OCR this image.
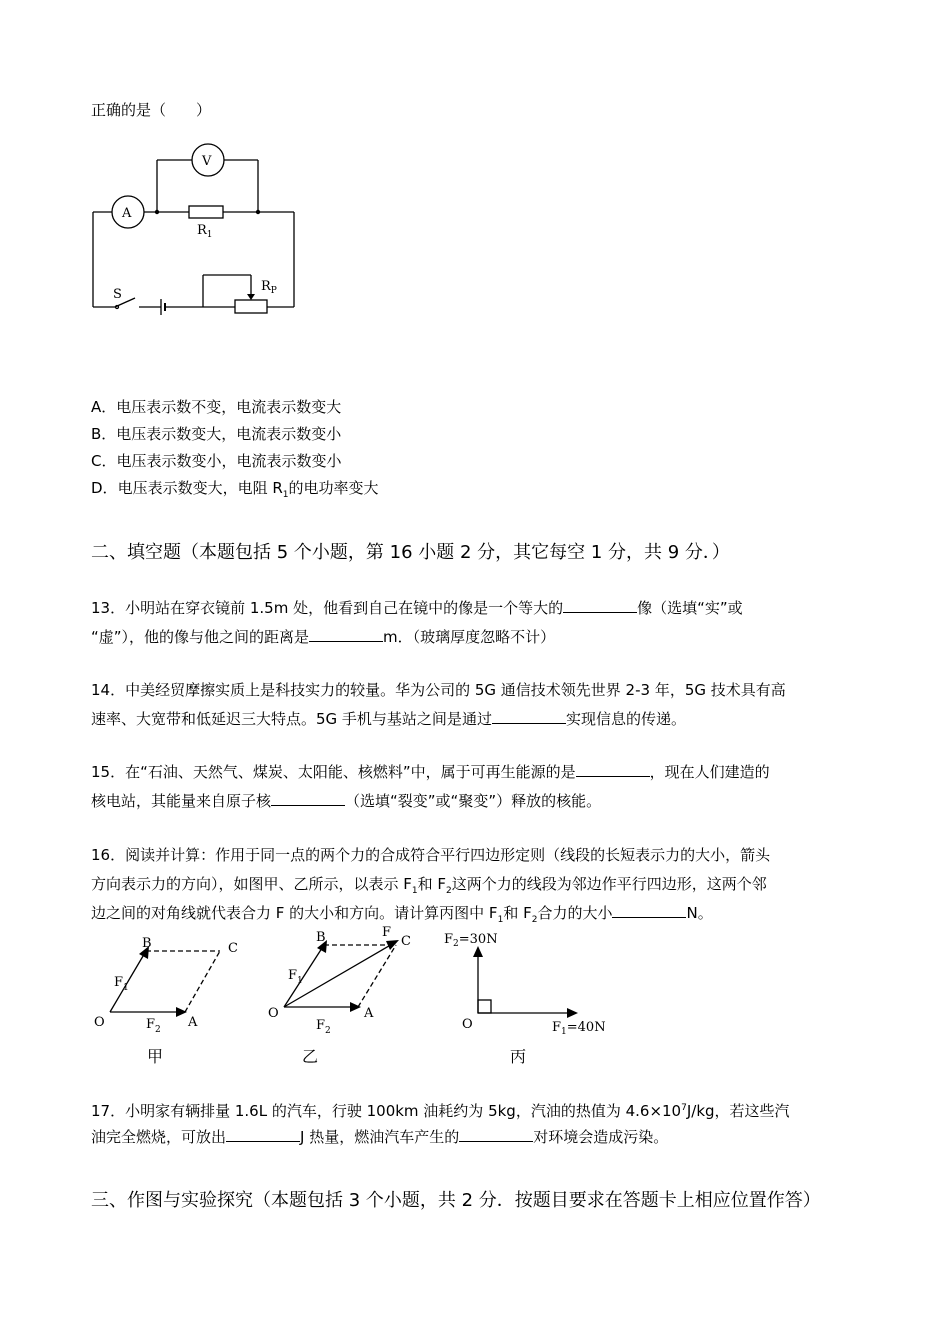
正确的是（　　）
V
A
$R_1$
S
$R_P$
A．电压表示数不变，电流表示数变大
B．电压表示数变大，电流表示数变小
C．电压表示数变小，电流表示数变小
D．电压表示数变大，电阻 $R_1$的电功率变大
二、填空题（本题包括 5 个小题，第 16 小题 2 分，其它每空 1 分，共 9 分．）
13．小明站在穿衣镜前 1.5m 处，他看到自己在镜中的像是一个等大的	像（选填“实”或
“虚”），他的像与他之间的距离是	m．（玻璃厚度忽略不计）
14．中美经贸摩擦实质上是科技实力的较量。华为公司的 5G 通信技术领先世界 2-3 年，5G 技术具有高
速率、大宽带和低延迟三大特点。5G 手机与基站之间是通过	实现信息的传递。
15．在“石油、天然气、煤炭、太阳能、核燃料”中，属于可再生能源的是	，现在人们建造的
核电站，其能量来自原子核	（选填“裂变”或“聚变”）释放的核能。
16．阅读并计算：作用于同一点的两个力的合成符合平行四边形定则（线段的长短表示力的大小，箭头
方向表示力的方向），如图甲、乙所示，以表示 $F_1$和 $F_2$这两个力的线段为邻边作平行四边形，这两个邻
边之间的对角线就代表合力 F 的大小和方向。请计算丙图中 $F_1$和 $F_2$合力的大小	N。
O	A
B	C
$F_1$
$F_2$
甲
O	A
B	F
C
$F_1$
$F_2$
乙
$F_2=30N$
O	$F_1=40N$
丙
17．小明家有辆排量 1.6L 的汽车，行驶 100km 油耗约为 5kg，汽油的热值为 $4.6\times 10^7J/kg$，若这些汽
油完全燃烧，可放出	J 热量，燃油汽车产生的	对环境会造成污染。
三、作图与实验探究（本题包括 3 个小题，共 2 分．按题目要求在答题卡上相应位置作答）
